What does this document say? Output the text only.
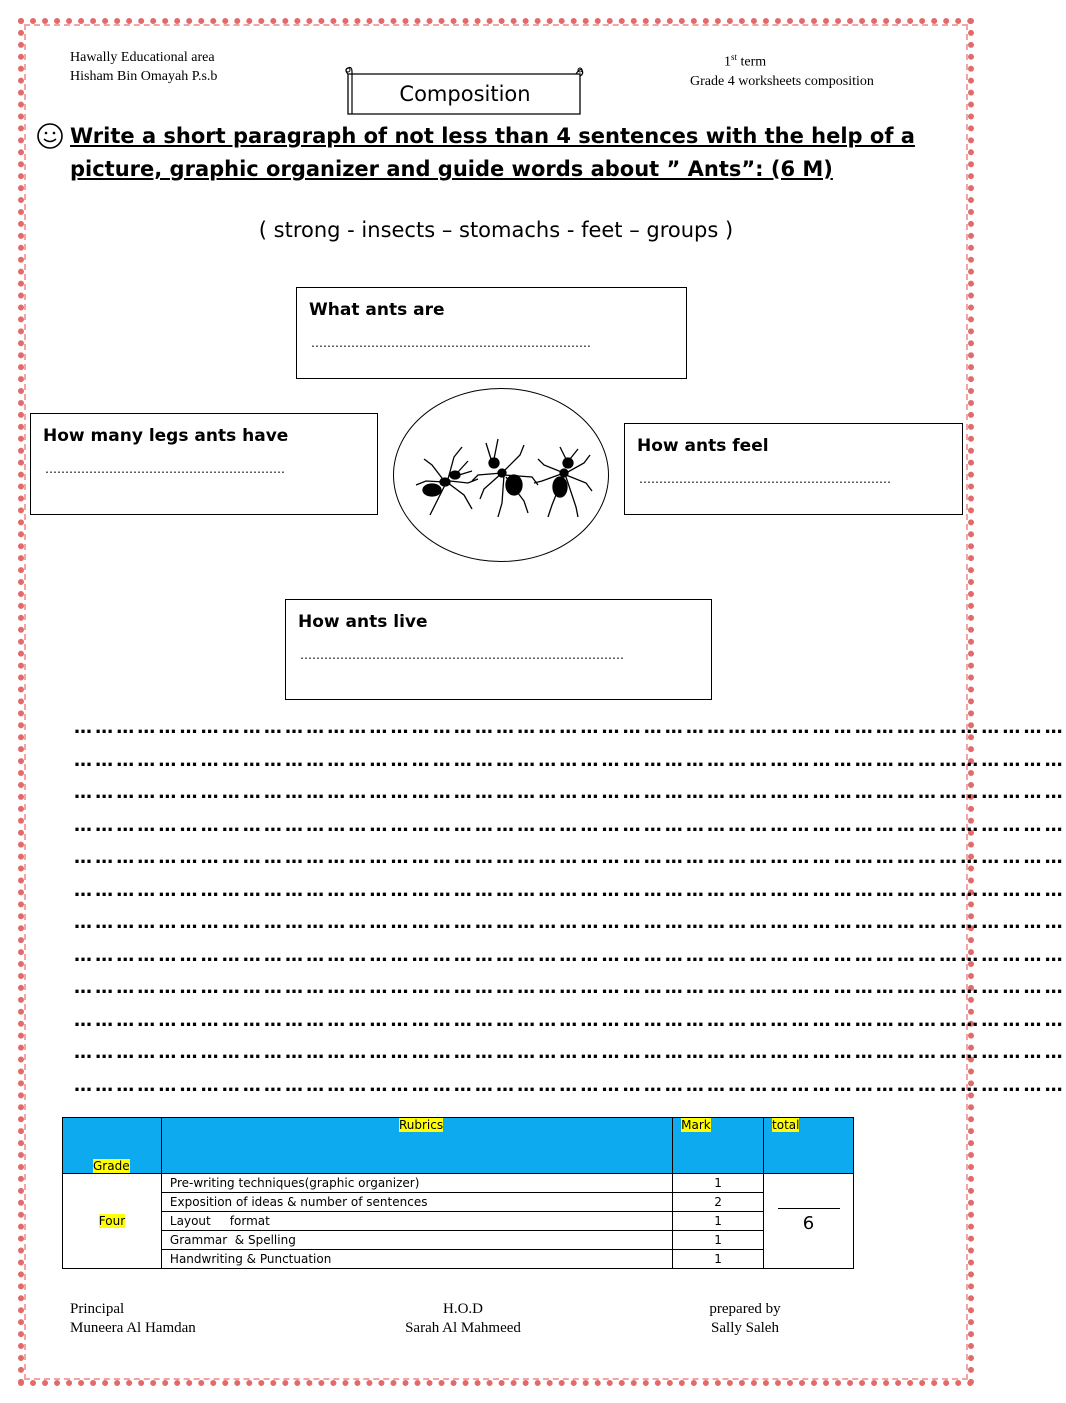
Hawally Educational area
Hisham Bin Omayah P.s.b
1st term
Grade 4 worksheets composition
Composition
Write a short paragraph of not less than 4 sentences with the help of a
picture, graphic organizer and guide words about ” Ants”: (6 M)
( strong - insects – stomachs - feet – groups )
What ants are
…………………………………………………………….
How many legs ants have
……………………………………………………
How ants feel
………………………………………………………
How ants live
………………………………………………………………………
……………………………………………………………………………………………………………………………
……………………………………………………………………………………………………………………………
……………………………………………………………………………………………………………………………
……………………………………………………………………………………………………………………………
……………………………………………………………………………………………………………………………
……………………………………………………………………………………………………………………………
……………………………………………………………………………………………………………………………
……………………………………………………………………………………………………………………………
……………………………………………………………………………………………………………………………
……………………………………………………………………………………………………………………………
……………………………………………………………………………………………………………………………
……………………………………………………………………………………………………………………………
Grade	Rubrics	Mark	total
Four	Pre-writing techniques(graphic organizer)	1	6

	Exposition of ideas & number of sentences	2	
	Layout     format	1	
	Grammar  & Spelling	1	
	Handwriting & Punctuation	1	
Principal
Muneera Al Hamdan
H.O.D
Sarah Al Mahmeed
prepared by
Sally Saleh
